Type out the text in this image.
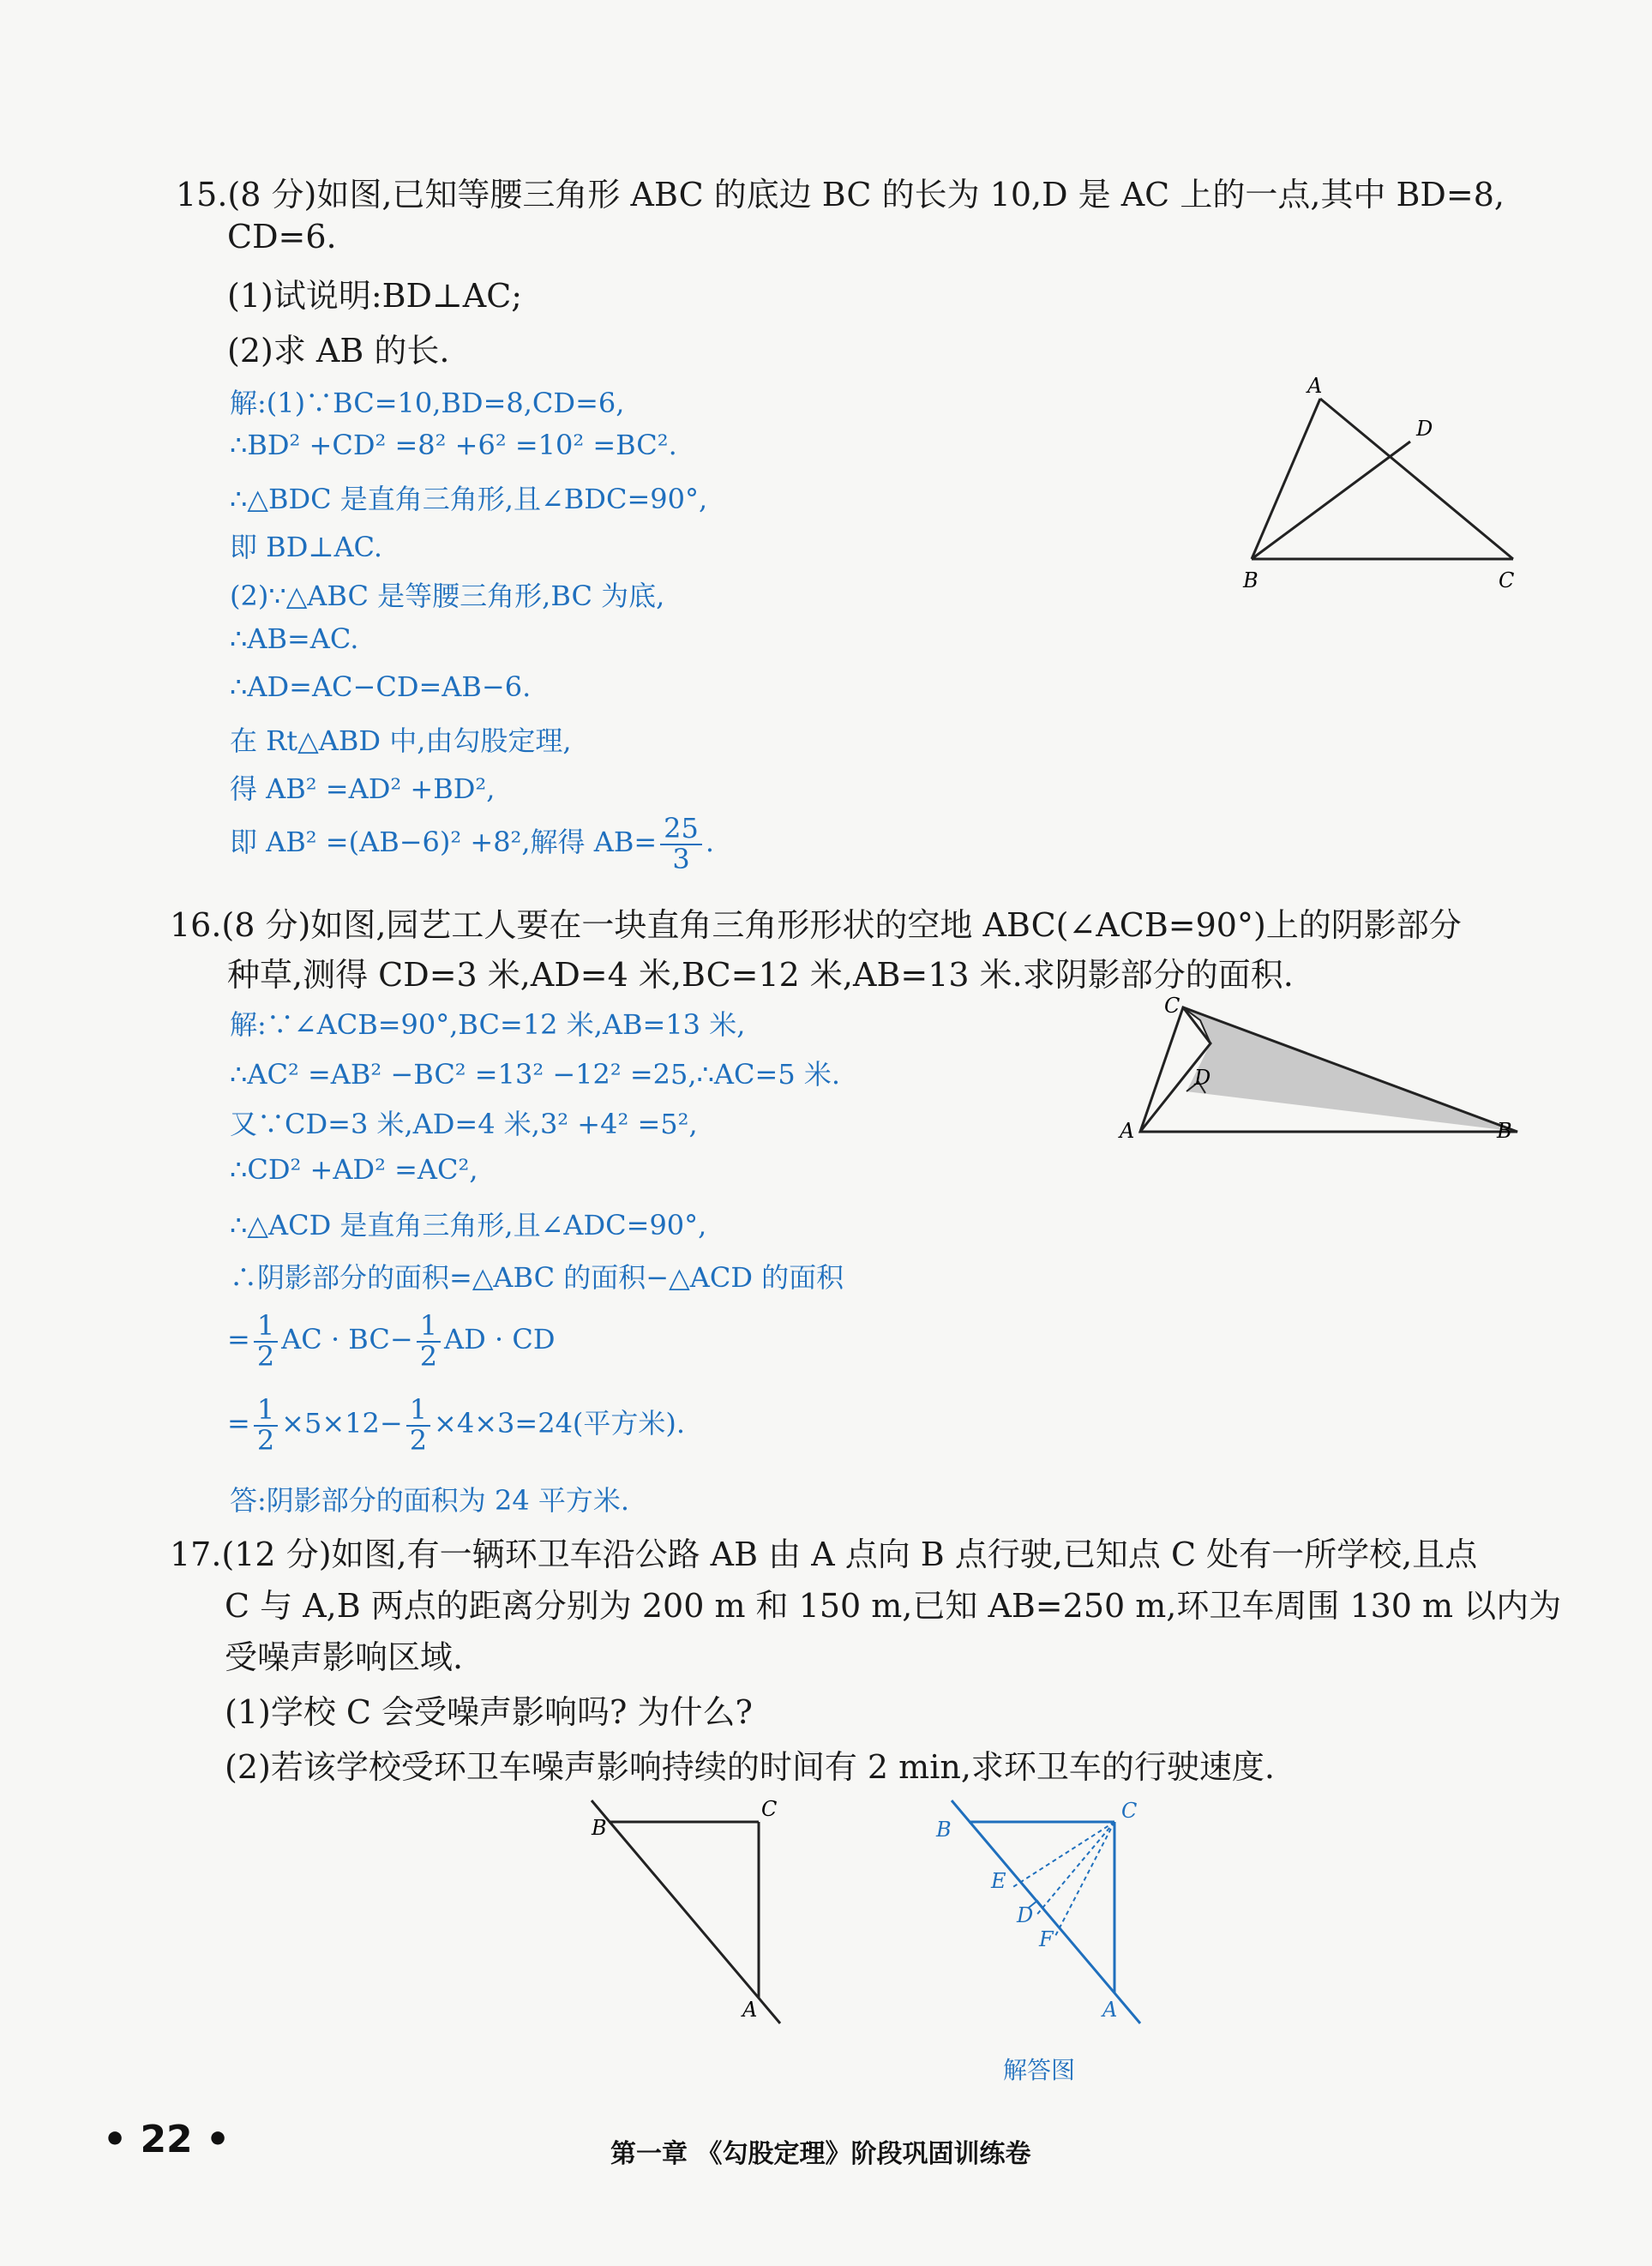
15.(8 分)如图,已知等腰三角形 ABC 的底边 BC 的长为 10,D 是 AC 上的一点,其中 BD=8,
CD=6.
(1)试说明:BD⊥AC;
(2)求 AB 的长.
解:(1)∵BC=10,BD=8,CD=6,
∴BD² +CD² =8² +6² =10² =BC².
∴△BDC 是直角三角形,且∠BDC=90°,
即 BD⊥AC.
(2)∵△ABC 是等腰三角形,BC 为底,
∴AB=AC.
∴AD=AC−CD=AB−6.
在 Rt△ABD 中,由勾股定理,
得 AB² =AD² +BD²,
即 AB² =(AB−6)² +8²,解得 $AB= \frac{25}{3}$ .
A
D
B	C
16.(8 分)如图,园艺工人要在一块直角三角形形状的空地 ABC(∠ACB=90°)上的阴影部分
种草,测得 CD=3 米,AD=4 米,BC=12 米,AB=13 米.求阴影部分的面积.
解:∵∠ACB=90°,BC=12 米,AB=13 米,
∴AC² =AB² −BC² =13² −12² =25,∴AC=5 米.
又∵CD=3 米,AD=4 米,3² +4² =5²,
∴CD² +AD² =AC²,
∴△ACD 是直角三角形,且∠ADC=90°,
∴阴影部分的面积=△ABC 的面积−△ACD 的面积
= $\frac{1}{2}$ AC · $BC- \frac{1}{2}$ AD · CD
= $\frac{1}{2} \times 5\times 12- \frac{1}{2} \times 4\times 3=24$(平方米).
答:阴影部分的面积为 24 平方米.
C
D
A	B
17.(12 分)如图,有一辆环卫车沿公路 AB 由 A 点向 B 点行驶,已知点 C 处有一所学校,且点
C 与 A,B 两点的距离分别为 200 m 和 150 m,已知 AB=250 m,环卫车周围 130 m 以内为
受噪声影响区域.
(1)学校 C 会受噪声影响吗? 为什么?
(2)若该学校受环卫车噪声影响持续的时间有 2 min,求环卫车的行驶速度.
B
C
A
B
C
E
D
F
A
解答图
• 22 •	第一章 《勾股定理》阶段巩固训练卷
